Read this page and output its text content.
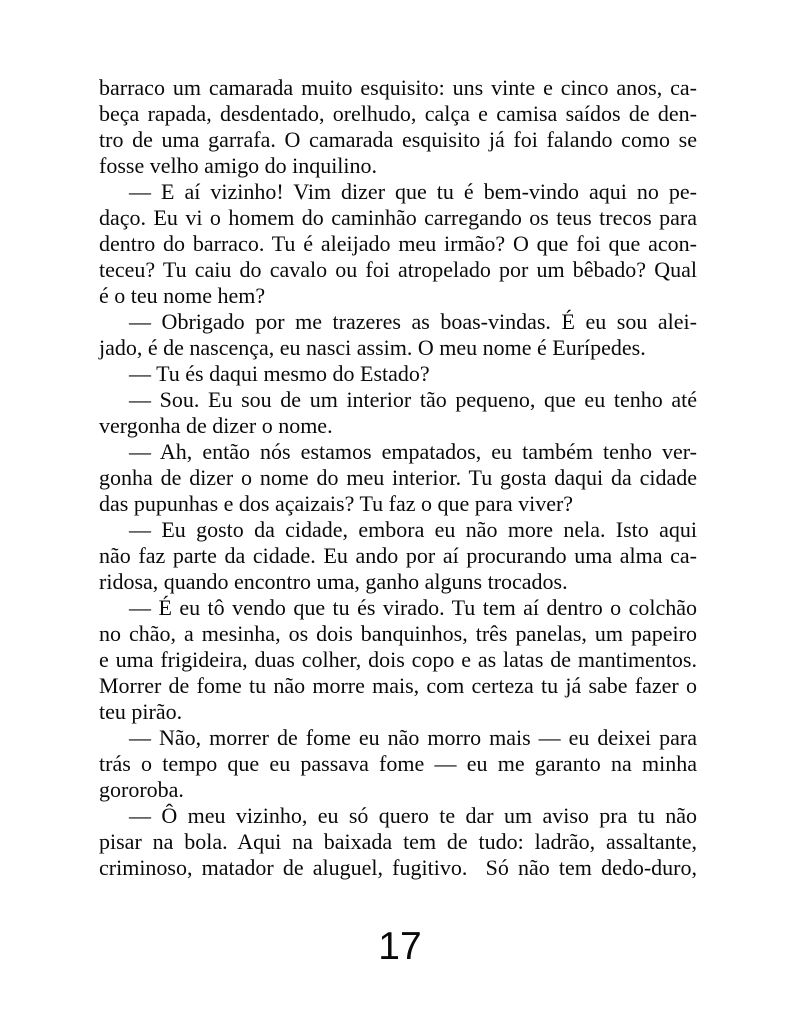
barraco um camarada muito esquisito: uns vinte e cinco anos, ca-
beça rapada, desdentado, orelhudo, calça e camisa saídos de den-
tro de uma garrafa. O camarada esquisito já foi falando como se
fosse velho amigo do inquilino.

— E aí vizinho! Vim dizer que tu é bem-vindo aqui no pe-
daço. Eu vi o homem do caminhão carregando os teus trecos para
dentro do barraco. Tu é aleijado meu irmão? O que foi que acon-
teceu? Tu caiu do cavalo ou foi atropelado por um bêbado? Qual
é o teu nome hem?

— Obrigado por me trazeres as boas-vindas. É eu sou alei-
jado, é de nascença, eu nasci assim. O meu nome é Eurípedes.

— Tu és daqui mesmo do Estado?

— Sou. Eu sou de um interior tão pequeno, que eu tenho até
vergonha de dizer o nome.

— Ah, então nós estamos empatados, eu também tenho ver-
gonha de dizer o nome do meu interior. Tu gosta daqui da cidade
das pupunhas e dos açaizais? Tu faz o que para viver?

— Eu gosto da cidade, embora eu não more nela. Isto aqui
não faz parte da cidade. Eu ando por aí procurando uma alma ca-
ridosa, quando encontro uma, ganho alguns trocados.

— É eu tô vendo que tu és virado. Tu tem aí dentro o colchão
no chão, a mesinha, os dois banquinhos, três panelas, um papeiro
e uma frigideira, duas colher, dois copo e as latas de mantimentos.
Morrer de fome tu não morre mais, com certeza tu já sabe fazer o
teu pirão.

— Não, morrer de fome eu não morro mais — eu deixei para
trás o tempo que eu passava fome — eu me garanto na minha
gororoba.

— Ô meu vizinho, eu só quero te dar um aviso pra tu não
pisar na bola. Aqui na baixada tem de tudo: ladrão, assaltante,
criminoso, matador de aluguel, fugitivo.  Só não tem dedo-duro,

17
